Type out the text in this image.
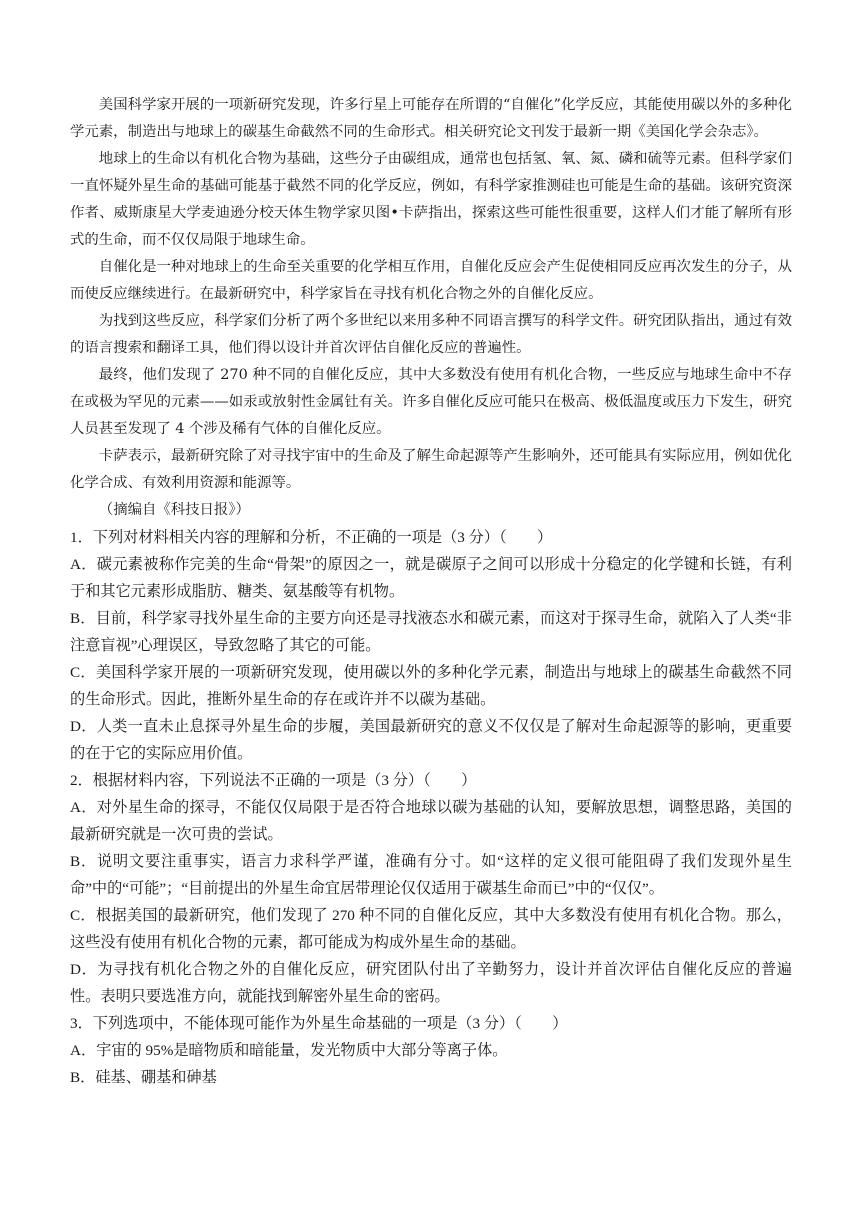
美国科学家开展的一项新研究发现，许多行星上可能存在所谓的“自催化”化学反应，其能使用碳以外的多种化学元素，制造出与地球上的碳基生命截然不同的生命形式。相关研究论文刊发于最新一期《美国化学会杂志》。

地球上的生命以有机化合物为基础，这些分子由碳组成，通常也包括氢、氧、氮、磷和硫等元素。但科学家们一直怀疑外星生命的基础可能基于截然不同的化学反应，例如，有科学家推测硅也可能是生命的基础。该研究资深作者、威斯康星大学麦迪逊分校天体生物学家贝图•卡萨指出，探索这些可能性很重要，这样人们才能了解所有形式的生命，而不仅仅局限于地球生命。

自催化是一种对地球上的生命至关重要的化学相互作用，自催化反应会产生促使相同反应再次发生的分子，从而使反应继续进行。在最新研究中，科学家旨在寻找有机化合物之外的自催化反应。

为找到这些反应，科学家们分析了两个多世纪以来用多种不同语言撰写的科学文件。研究团队指出，通过有效的语言搜索和翻译工具，他们得以设计并首次评估自催化反应的普遍性。

最终，他们发现了 270 种不同的自催化反应，其中大多数没有使用有机化合物，一些反应与地球生命中不存在或极为罕见的元素——如汞或放射性金属钍有关。许多自催化反应可能只在极高、极低温度或压力下发生，研究人员甚至发现了 4 个涉及稀有气体的自催化反应。

卡萨表示，最新研究除了对寻找宇宙中的生命及了解生命起源等产生影响外，还可能具有实际应用，例如优化化学合成、有效利用资源和能源等。

（摘编自《科技日报》）

1．下列对材料相关内容的理解和分析，不正确的一项是（3 分）（　　）

A．碳元素被称作完美的生命“骨架”的原因之一，就是碳原子之间可以形成十分稳定的化学键和长链，有利于和其它元素形成脂肪、糖类、氨基酸等有机物。

B．目前，科学家寻找外星生命的主要方向还是寻找液态水和碳元素，而这对于探寻生命，就陷入了人类“非注意盲视”心理误区，导致忽略了其它的可能。

C．美国科学家开展的一项新研究发现，使用碳以外的多种化学元素，制造出与地球上的碳基生命截然不同的生命形式。因此，推断外星生命的存在或许并不以碳为基础。

D．人类一直未止息探寻外星生命的步履，美国最新研究的意义不仅仅是了解对生命起源等的影响，更重要的在于它的实际应用价值。

2．根据材料内容，下列说法不正确的一项是（3 分）（　　）

A．对外星生命的探寻，不能仅仅局限于是否符合地球以碳为基础的认知，要解放思想，调整思路，美国的最新研究就是一次可贵的尝试。

B．说明文要注重事实，语言力求科学严谨，准确有分寸。如“这样的定义很可能阻碍了我们发现外星生命”中的“可能”；“目前提出的外星生命宜居带理论仅仅适用于碳基生命而已”中的“仅仅”。

C．根据美国的最新研究，他们发现了 270 种不同的自催化反应，其中大多数没有使用有机化合物。那么，这些没有使用有机化合物的元素，都可能成为构成外星生命的基础。

D．为寻找有机化合物之外的自催化反应，研究团队付出了辛勤努力，设计并首次评估自催化反应的普遍性。表明只要选准方向，就能找到解密外星生命的密码。

3．下列选项中，不能体现可能作为外星生命基础的一项是（3 分）（　　）

A．宇宙的 95%是暗物质和暗能量，发光物质中大部分等离子体。

B．硅基、硼基和砷基
